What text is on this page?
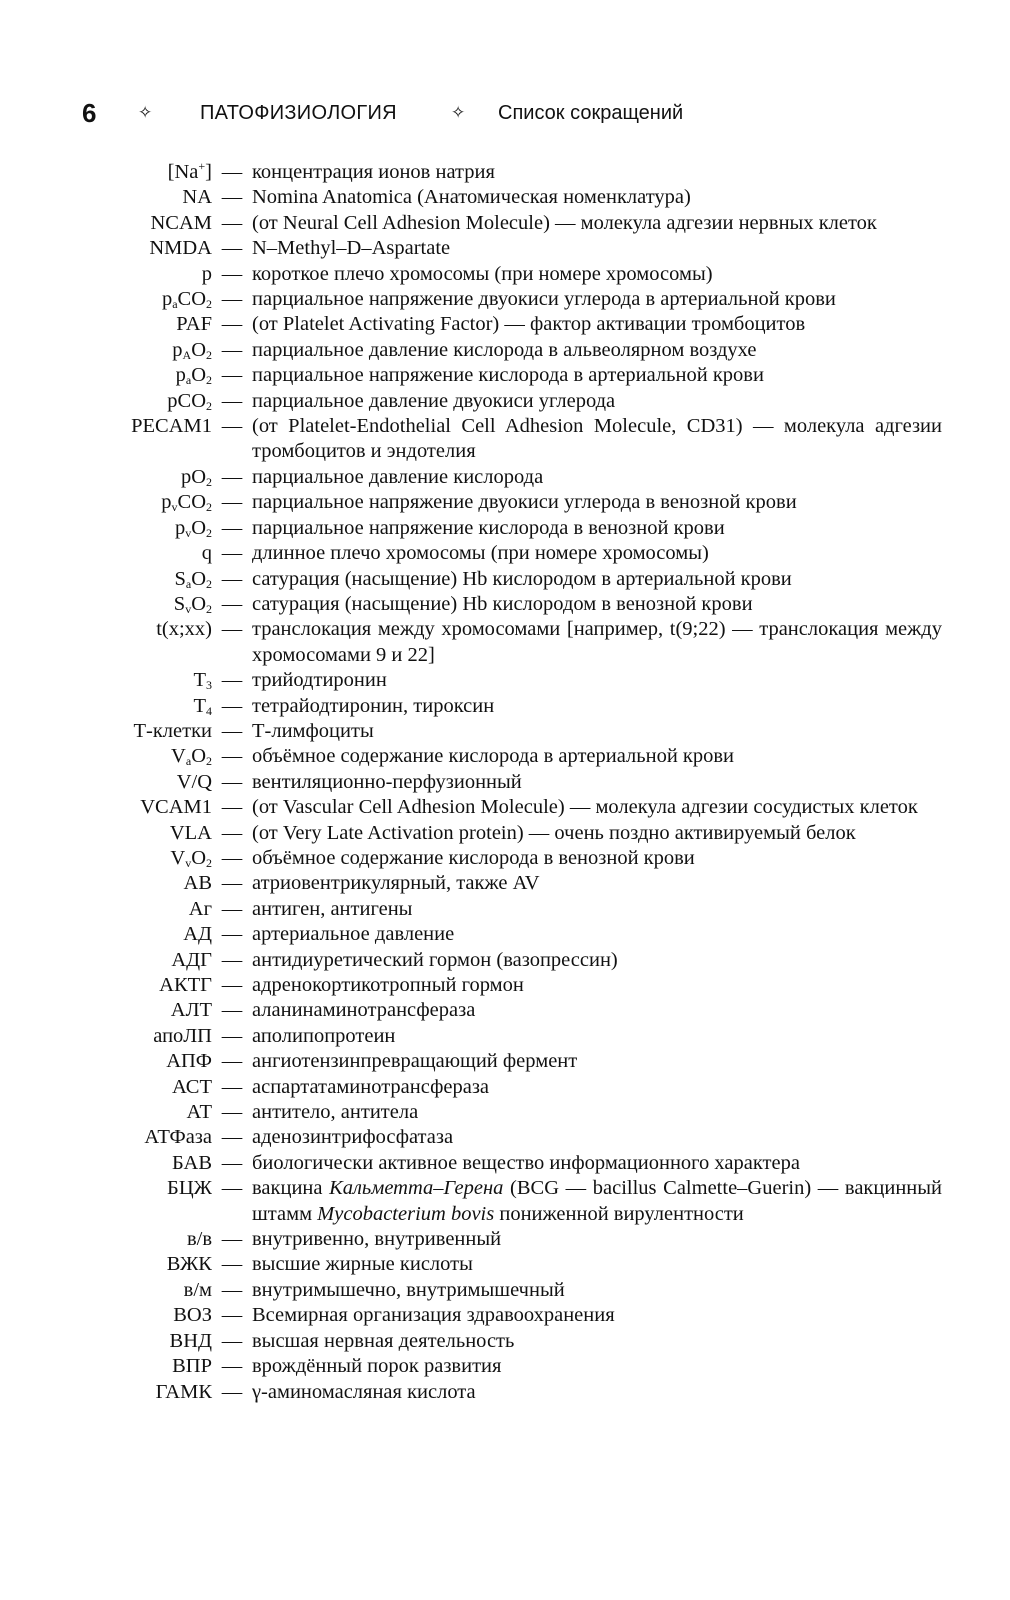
6 ✧ ПАТОФИЗИОЛОГИЯ	✧ Список сокращений
[Na+] — концентрация ионов натрия
NA — Nomina Anatomica (Анатомическая номенклатура)
NCAM — (от Neural Cell Adhesion Molecule) — молекула адгезии нервных клеток
NMDA — N–Methyl–D–Aspartate
p — короткое плечо хромосомы (при номере хромосомы)
$p_aCO_2$ — парциальное напряжение двуокиси углерода в артериальной крови
PAF — (от Platelet Activating Factor) — фактор активации тромбоцитов
$p_AO_2$ — парциальное давление кислорода в альвеолярном воздухе
$p_aO_2$ — парциальное напряжение кислорода в артериальной крови
pCO$_2$ — парциальное давление двуокиси углерода
PECAM1 — (от Platelet-Endothelial Cell Adhesion Molecule, CD31) — молекула адгезии тромбоцитов и эндотелия
$pO_2$ — парциальное давление кислорода
$p_vCO_2$ — парциальное напряжение двуокиси углерода в венозной крови
$p_vO_2$ — парциальное напряжение кислорода в венозной крови
q — длинное плечо хромосомы (при номере хромосомы)
$S_aO_2$ — сатурация (насыщение) Hb кислородом в артериальной крови
$S_vO_2$ — сатурация (насыщение) Hb кислородом в венозной крови
t(x;xx) — транслокация между хромосомами [например, t(9;22) — транслокация между хромосомами 9 и 22]
$T_3$ — трийодтиронин
$T_4$ — тетрайодтиронин, тироксин
Т-клетки — Т-лимфоциты
$V_aO_2$ — объёмное содержание кислорода в артериальной крови
V/Q — вентиляционно-перфузионный
VCAM1 — (от Vascular Cell Adhesion Molecule) — молекула адгезии сосудистых клеток
VLA — (от Very Late Activation protein) — очень поздно активируемый белок
$V_vO_2$ — объёмное содержание кислорода в венозной крови
АВ — атриовентрикулярный, также AV
Аг — антиген, антигены
АД — артериальное давление
АДГ — антидиуретический гормон (вазопрессин)
АКТГ — адренокортикотропный гормон
АЛТ — аланинаминотрансфераза
апоЛП — аполипопротеин
АПФ — ангиотензинпревращающий фермент
АСТ — аспартатаминотрансфераза
АТ — антитело, антитела
АТФаза — аденозинтрифосфатаза
БАВ — биологически активное вещество информационного характера
БЦЖ — вакцина Кальметта–Герена (BCG — bacillus Calmette–Guerin) — вакцинный штамм Mycobacterium bovis пониженной вирулентности
в/в — внутривенно, внутривенный
ВЖК — высшие жирные кислоты
в/м — внутримышечно, внутримышечный
ВОЗ — Всемирная организация здравоохранения
ВНД — высшая нервная деятельность
ВПР — врождённый порок развития
ГАМК — γ-аминомасляная кислота
